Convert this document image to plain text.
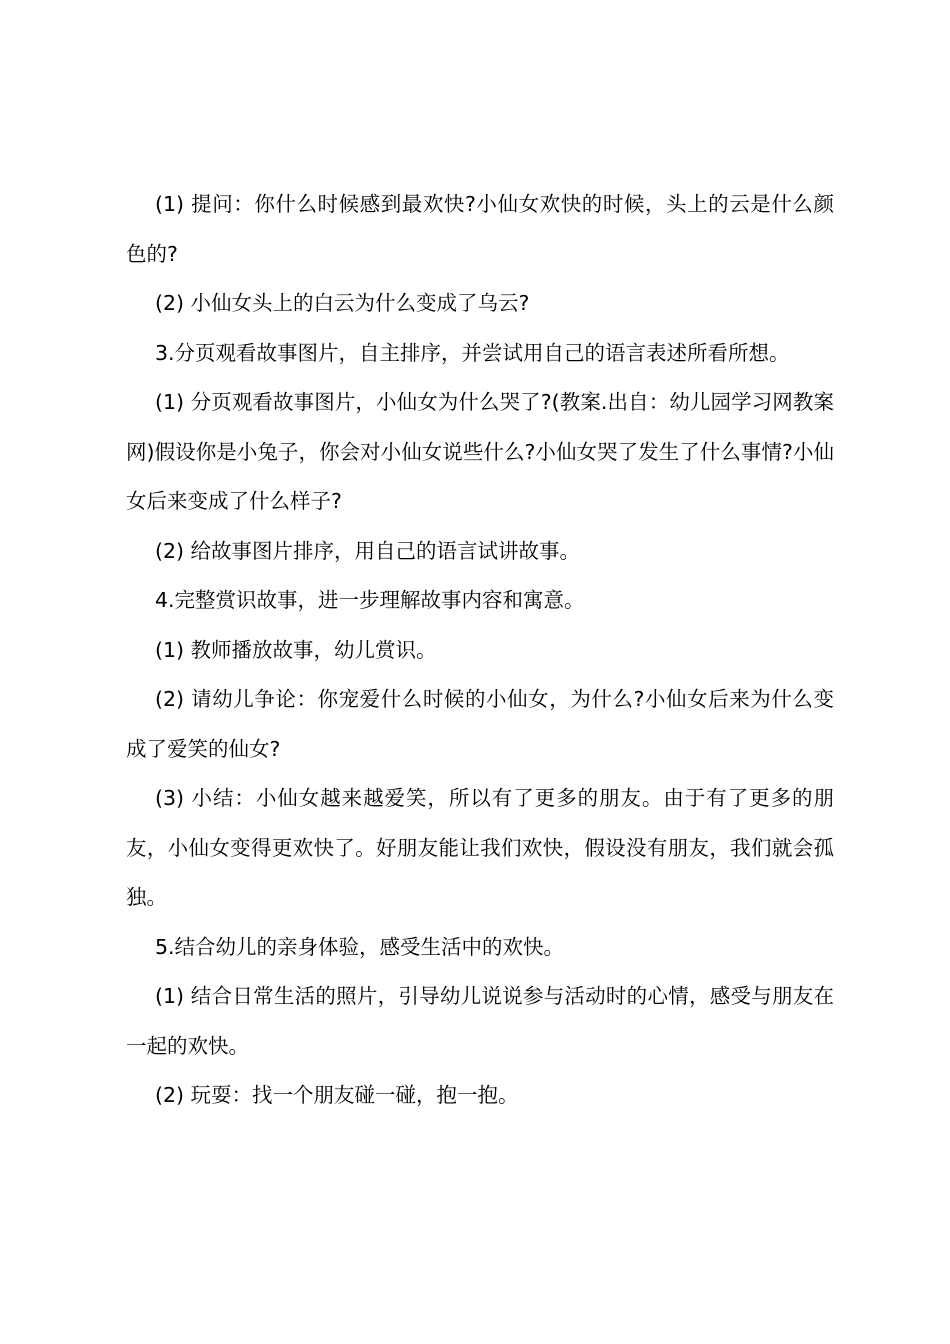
(1) 提问：你什么时候感到最欢快?小仙女欢快的时候，头上的云是什么颜色的?

(2) 小仙女头上的白云为什么变成了乌云?

3.分页观看故事图片，自主排序，并尝试用自己的语言表述所看所想。

(1) 分页观看故事图片，小仙女为什么哭了?(教案.出自：幼儿园学习网教案网)假设你是小兔子，你会对小仙女说些什么?小仙女哭了发生了什么事情?小仙女后来变成了什么样子?

(2) 给故事图片排序，用自己的语言试讲故事。

4.完整赏识故事，进一步理解故事内容和寓意。

(1) 教师播放故事，幼儿赏识。

(2) 请幼儿争论：你宠爱什么时候的小仙女，为什么?小仙女后来为什么变成了爱笑的仙女?

(3) 小结：小仙女越来越爱笑，所以有了更多的朋友。由于有了更多的朋友，小仙女变得更欢快了。好朋友能让我们欢快，假设没有朋友，我们就会孤独。

5.结合幼儿的亲身体验，感受生活中的欢快。

(1) 结合日常生活的照片，引导幼儿说说参与活动时的心情，感受与朋友在一起的欢快。

(2) 玩耍：找一个朋友碰一碰，抱一抱。
